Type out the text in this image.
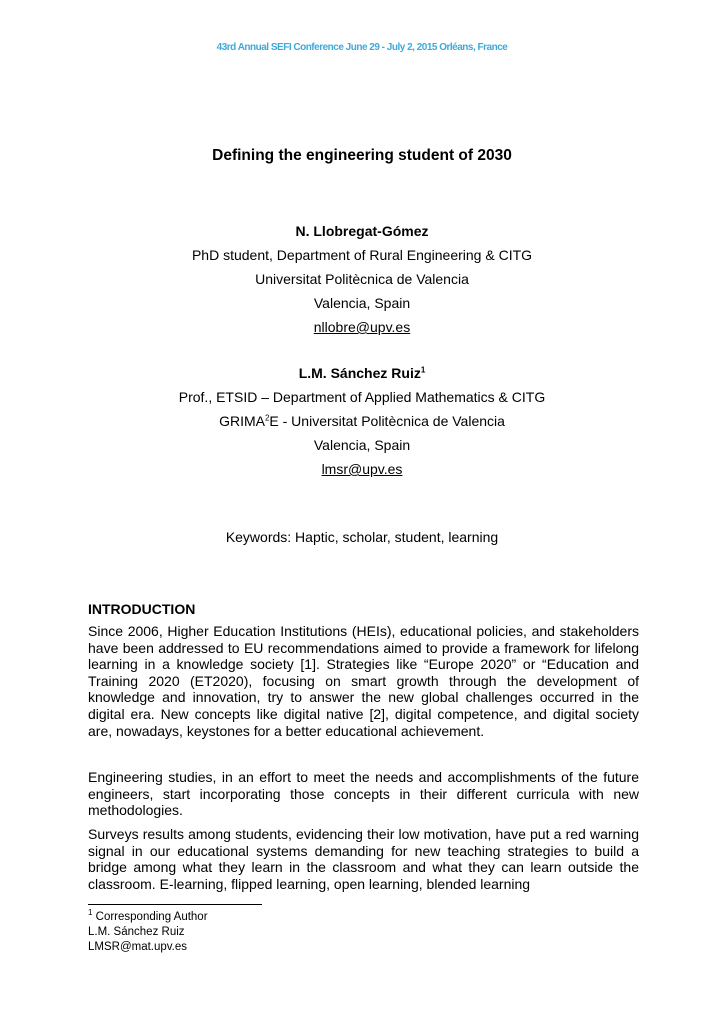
43rd Annual SEFI Conference June 29 - July 2, 2015 Orléans, France
Defining the engineering student of 2030
N. Llobregat-Gómez
PhD student, Department of Rural Engineering & CITG
Universitat Politècnica de Valencia
Valencia, Spain
nllobre@upv.es
L.M. Sánchez Ruiz$^1$
Prof., ETSID – Department of Applied Mathematics & CITG
GRIMA$^2$E - Universitat Politècnica de Valencia
Valencia, Spain
lmsr@upv.es
Keywords: Haptic, scholar, student, learning
INTRODUCTION

Since 2006, Higher Education Institutions (HEIs), educational policies, and stakeholders have been addressed to EU recommendations aimed to provide a framework for lifelong learning in a knowledge society [1]. Strategies like “Europe 2020” or “Education and Training 2020 (ET2020), focusing on smart growth through the development of knowledge and innovation, try to answer the new global challenges occurred in the digital era. New concepts like digital native [2], digital competence, and digital society are, nowadays, keystones for a better educational achievement.

Engineering studies, in an effort to meet the needs and accomplishments of the future engineers, start incorporating those concepts in their different curricula with new methodologies.

Surveys results among students, evidencing their low motivation, have put a red warning signal in our educational systems demanding for new teaching strategies to build a bridge among what they learn in the classroom and what they can learn outside the classroom. E-learning, flipped learning, open learning, blended learning

$^1$ Corresponding Author
L.M. Sánchez Ruiz
LMSR@mat.upv.es
